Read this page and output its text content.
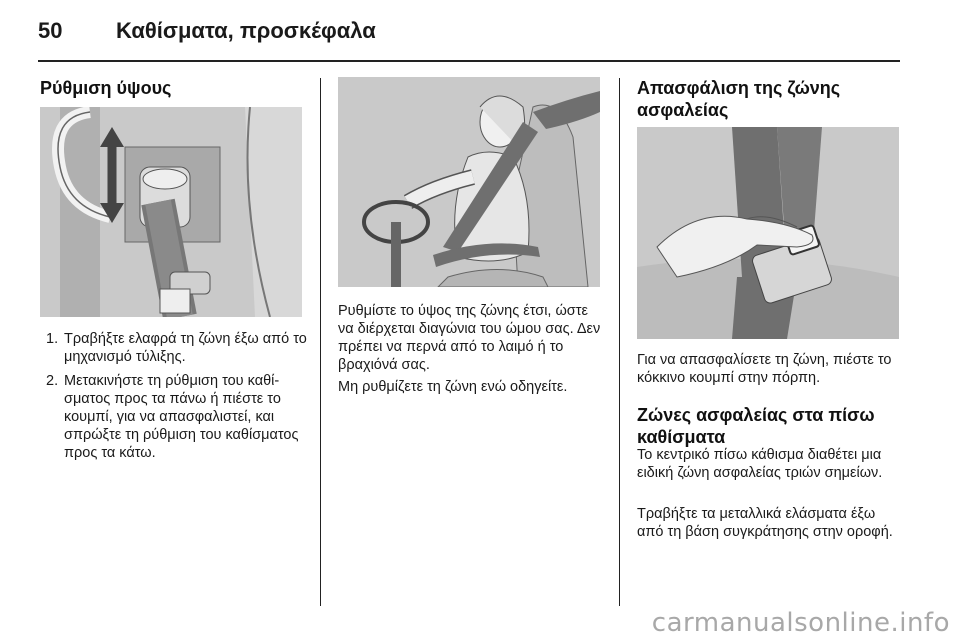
50 Καθίσματα, προσκέφαλα
Ρύθμιση ύψους
1. Τραβήξτε ελαφρά τη ζώνη έξω από το μηχανισμό τύλιξης.
2. Μετακινήστε τη ρύθμιση του καθίσματος προς τα πάνω ή πιέστε το κουμπί, για να απασφαλιστεί, και σπρώξτε τη ρύθμιση του καθίσματος προς τα κάτω.

Ρυθμίστε το ύψος της ζώνης έτσι, ώστε να διέρχεται διαγώνια του ώμου σας. Δεν πρέπει να περνά από το λαιμό ή το βραχιόνά σας.

Μη ρυθμίζετε τη ζώνη ενώ οδηγείτε.

Απασφάλιση της ζώνης ασφαλείας

Για να απασφαλίσετε τη ζώνη, πιέστε το κόκκινο κουμπί στην πόρπη.

Ζώνες ασφαλείας στα πίσω καθίσματα

Το κεντρικό πίσω κάθισμα διαθέτει μια ειδική ζώνη ασφαλείας τριών σημείων.

Τραβήξτε τα μεταλλικά ελάσματα έξω από τη βάση συγκράτησης στην οροφή.

carmanualsonline.info
